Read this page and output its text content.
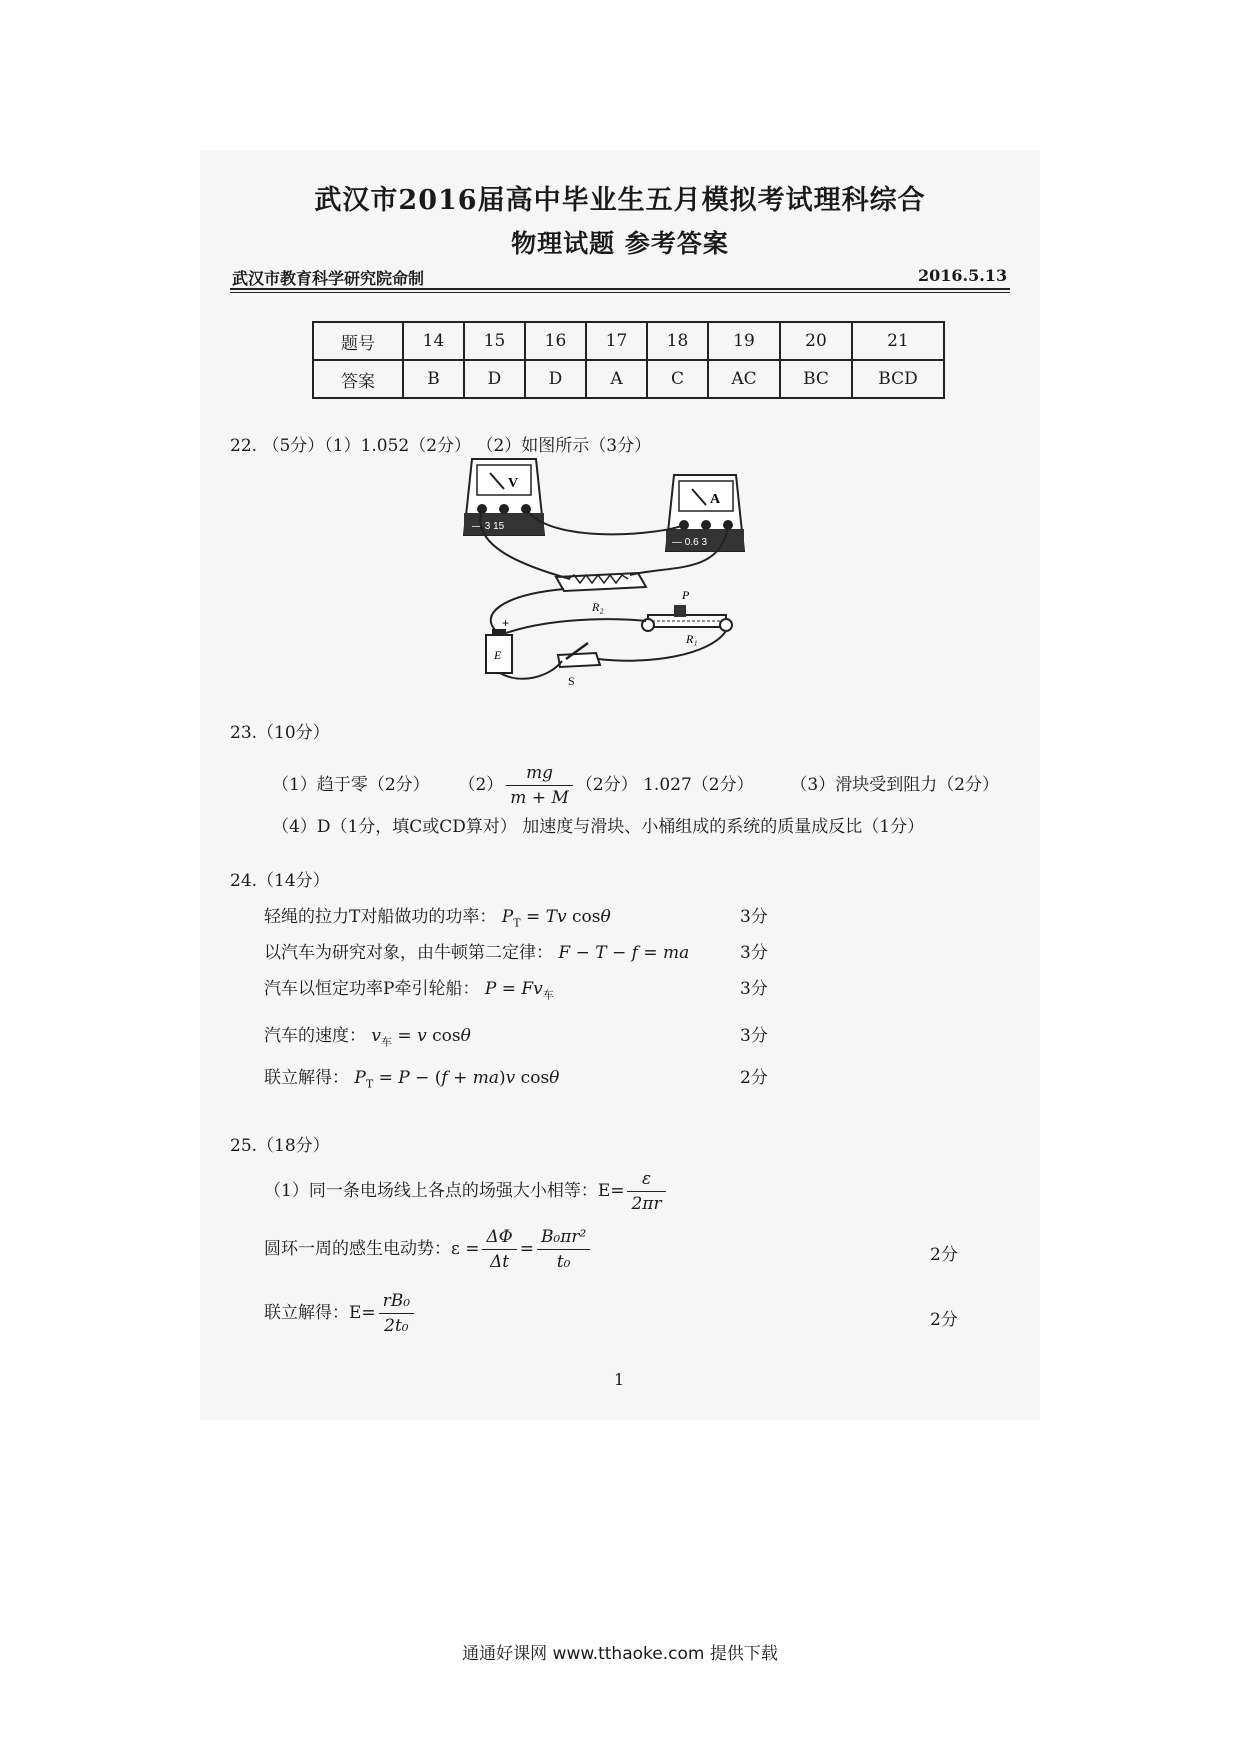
武汉市2016届高中毕业生五月模拟考试理科综合
物理试题 参考答案
武汉市教育科学研究院命制	2016.5.13
题号	14	15	16	17	18	19	20	21
答案	B	D	D	A	C	AC	BC	BCD
22. （5分）（1）1.052（2分） （2）如图所示（3分）
V
— 3 15
A
— 0.6 3
R₂
P
R₁
E
+
S
23.（10分）
（1）趋于零（2分） $(2) \frac{mg}{m + M} (2$分） 1.027（2分） （3）滑块受到阻力（2分）
（4）D（1分，填C或CD算对） 加速度与滑块、小桶组成的系统的质量成反比（1分）
24.（14分）
轻绳的拉力T对船做功的功率： $P_T = Tv$ cosθ	3分
以汽车为研究对象，由牛顿第二定律： F − T − f = ma	3分
汽车以恒定功率P牵引轮船： $P = Fv_车$	3分
汽车的速度： $v_车 = v$ cosθ	3分
联立解得： $P_T = P - (f + ma)v$ cosθ	2分
25.（18分）
（1）同一条电场线上各点的场强大小相等：$E= \frac{\varepsilon}{2\pi r}$
圆环一周的感生电动势：$\varepsilon = \frac{\Delta\Phi}{\Delta t} = \frac{\text{B₀πr²}}{\text{t₀}}$	2分
联立解得：$E= \frac{\text{rB₀}}{\text{2t₀}}$	2分
1
通通好课网 www.tthaoke.com 提供下载
